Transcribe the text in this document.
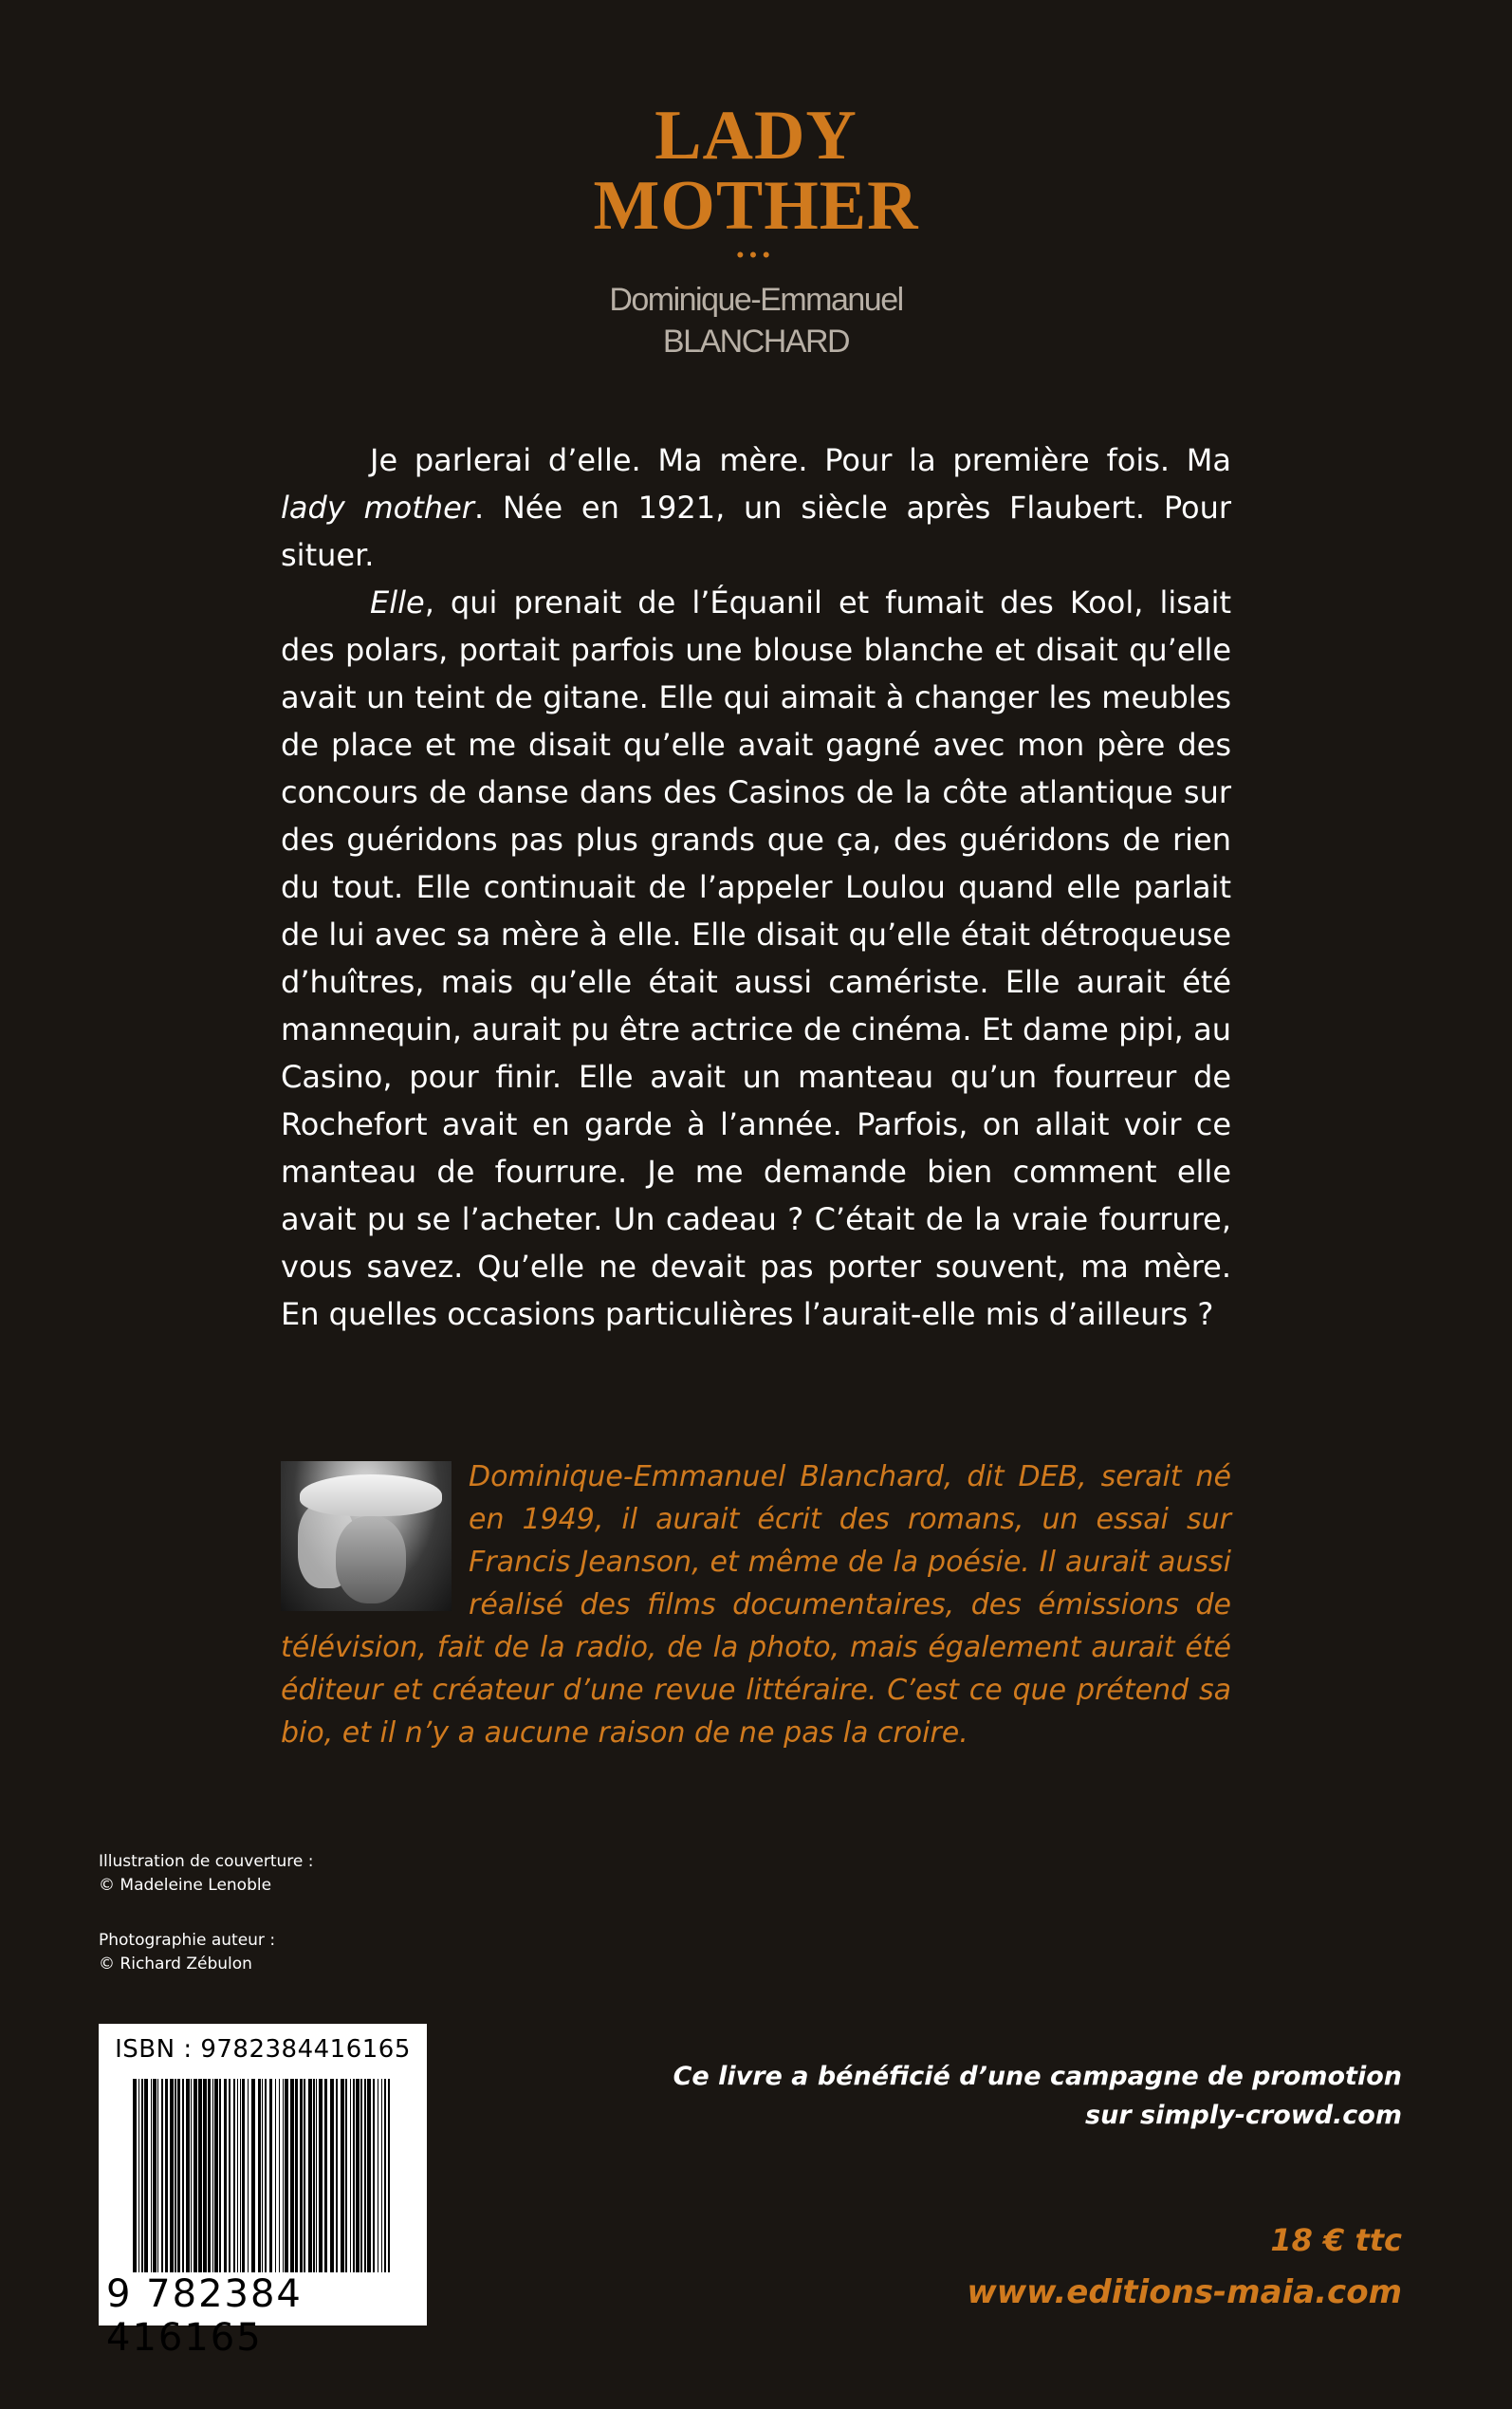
LADY
MOTHER
•••
Dominique-Emmanuel
BLANCHARD

Je parlerai d’elle. Ma mère. Pour la première fois. Ma lady mother. Née en 1921, un siècle après Flaubert. Pour situer.

Elle, qui prenait de l’Équanil et fumait des Kool, lisait des polars, portait parfois une blouse blanche et disait qu’elle avait un teint de gitane. Elle qui aimait à changer les meubles de place et me disait qu’elle avait gagné avec mon père des concours de danse dans des Casinos de la côte atlantique sur des guéridons pas plus grands que ça, des guéridons de rien du tout. Elle continuait de l’appeler Loulou quand elle parlait de lui avec sa mère à elle. Elle disait qu’elle était détroqueuse d’huîtres, mais qu’elle était aussi camériste. Elle aurait été mannequin, aurait pu être actrice de cinéma. Et dame pipi, au Casino, pour finir. Elle avait un manteau qu’un fourreur de Rochefort avait en garde à l’année. Parfois, on allait voir ce manteau de fourrure. Je me demande bien comment elle avait pu se l’acheter. Un cadeau ? C’était de la vraie fourrure, vous savez. Qu’elle ne devait pas porter souvent, ma mère. En quelles occasions particulières l’aurait-elle mis d’ailleurs ?

Dominique-Emmanuel Blanchard, dit DEB, serait né en 1949, il aurait écrit des romans, un essai sur Francis Jeanson, et même de la poésie. Il aurait aussi réalisé des films documentaires, des émissions de télévision, fait de la radio, de la photo, mais également aurait été éditeur et créateur d’une revue littéraire. C’est ce que prétend sa bio, et il n’y a aucune raison de ne pas la croire.
Illustration de couverture :
© Madeleine Lenoble
Photographie auteur :
© Richard Zébulon
ISBN : 9782384416165
9 782384 416165
Ce livre a bénéficié d’une campagne de promotion
sur simply-crowd.com
18 € ttc
www.editions-maia.com
